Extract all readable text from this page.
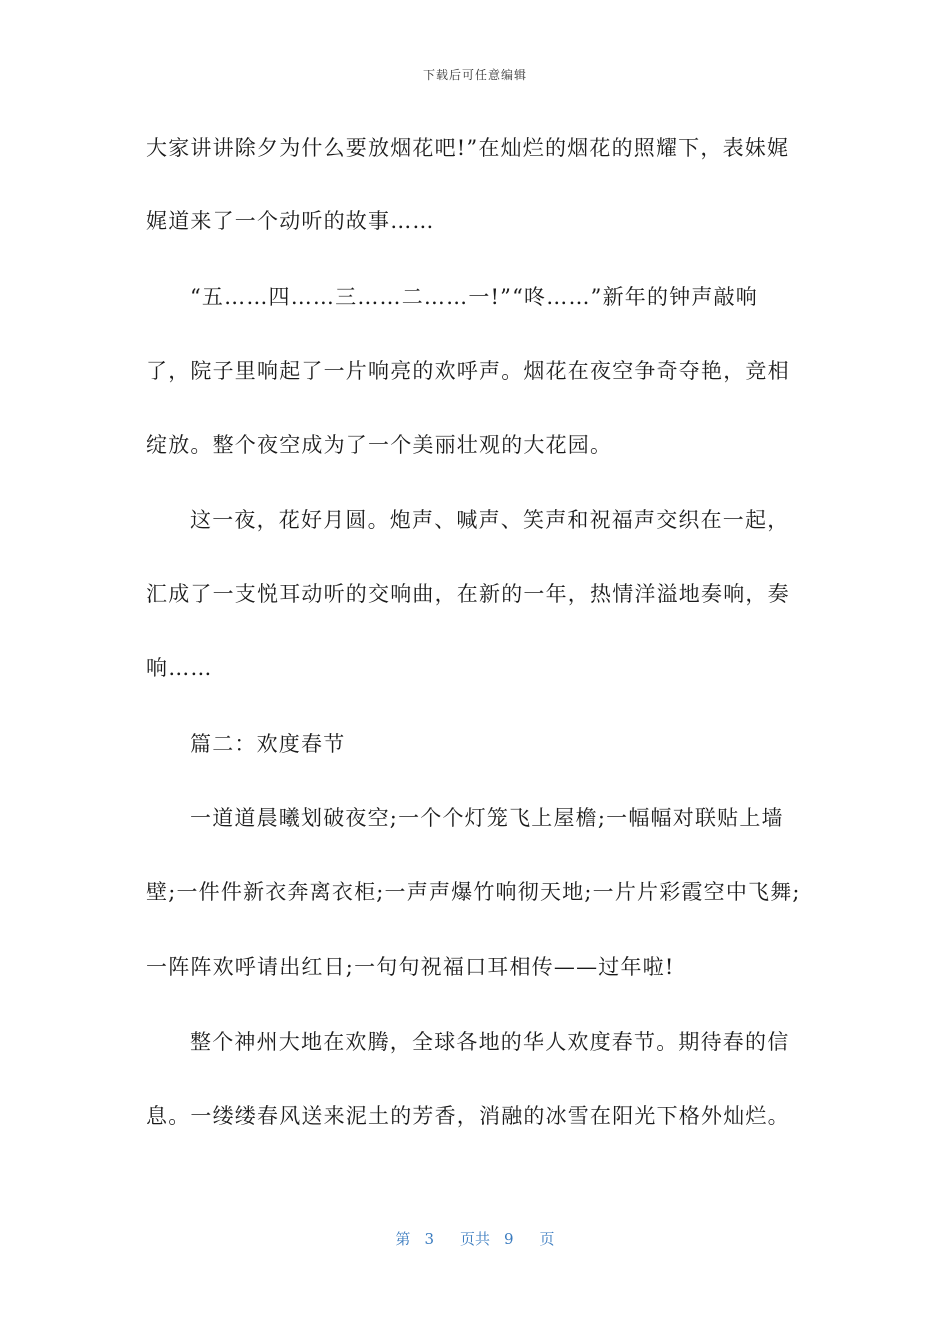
下载后可任意编辑
大家讲讲除夕为什么要放烟花吧!”在灿烂的烟花的照耀下，表妹娓
娓道来了一个动听的故事……
“五……四……三……二……一!”“咚……”新年的钟声敲响
了，院子里响起了一片响亮的欢呼声。烟花在夜空争奇夺艳，竞相
绽放。整个夜空成为了一个美丽壮观的大花园。
这一夜，花好月圆。炮声、喊声、笑声和祝福声交织在一起，
汇成了一支悦耳动听的交响曲，在新的一年，热情洋溢地奏响，奏
响……
篇二：欢度春节
一道道晨曦划破夜空;一个个灯笼飞上屋檐;一幅幅对联贴上墙
壁;一件件新衣奔离衣柜;一声声爆竹响彻天地;一片片彩霞空中飞舞;
一阵阵欢呼请出红日;一句句祝福口耳相传——过年啦!
整个神州大地在欢腾，全球各地的华人欢度春节。期待春的信
息。一缕缕春风送来泥土的芳香，消融的冰雪在阳光下格外灿烂。
第 3 页共 9 页
